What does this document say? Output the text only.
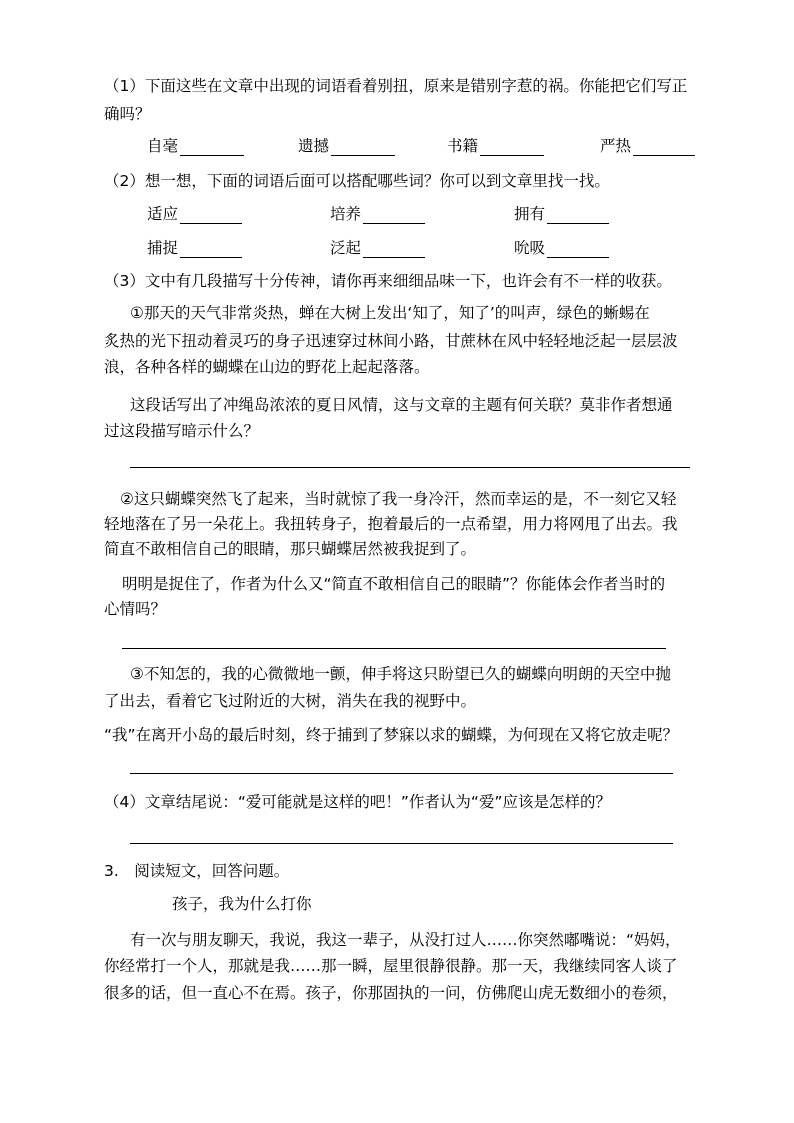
（1）下面这些在文章中出现的词语看着别扭，原来是错别字惹的祸。你能把它们写正
确吗？
自毫	遗撼	书籍	严热
（2）想一想，下面的词语后面可以搭配哪些词？你可以到文章里找一找。
适应	培养	拥有
捕捉	泛起	吮吸
（3）文中有几段描写十分传神，请你再来细细品味一下，也许会有不一样的收获。
①那天的天气非常炎热，蝉在大树上发出‘知了，知了’的叫声，绿色的蜥蜴在
炙热的光下扭动着灵巧的身子迅速穿过林间小路，甘蔗林在风中轻轻地泛起一层层波
浪，各种各样的蝴蝶在山边的野花上起起落落。
这段话写出了冲绳岛浓浓的夏日风情，这与文章的主题有何关联？莫非作者想通
过这段描写暗示什么？
②这只蝴蝶突然飞了起来，当时就惊了我一身冷汗，然而幸运的是，不一刻它又轻
轻地落在了另一朵花上。我扭转身子，抱着最后的一点希望，用力将网甩了出去。我
简直不敢相信自己的眼睛，那只蝴蝶居然被我捉到了。
明明是捉住了，作者为什么又“简直不敢相信自己的眼睛”？你能体会作者当时的
心情吗？
③不知怎的，我的心微微地一颤，伸手将这只盼望已久的蝴蝶向明朗的天空中抛
了出去，看着它飞过附近的大树，消失在我的视野中。
“我”在离开小岛的最后时刻，终于捕到了梦寐以求的蝴蝶，为何现在又将它放走呢？
（4）文章结尾说：“爱可能就是这样的吧！”作者认为“爱”应该是怎样的？
3.　阅读短文，回答问题。
孩子，我为什么打你
有一次与朋友聊天，我说，我这一辈子，从没打过人……你突然嘟嘴说：“妈妈，
你经常打一个人，那就是我……那一瞬，屋里很静很静。那一天，我继续同客人谈了
很多的话，但一直心不在焉。孩子，你那固执的一问，仿佛爬山虎无数细小的卷须，
